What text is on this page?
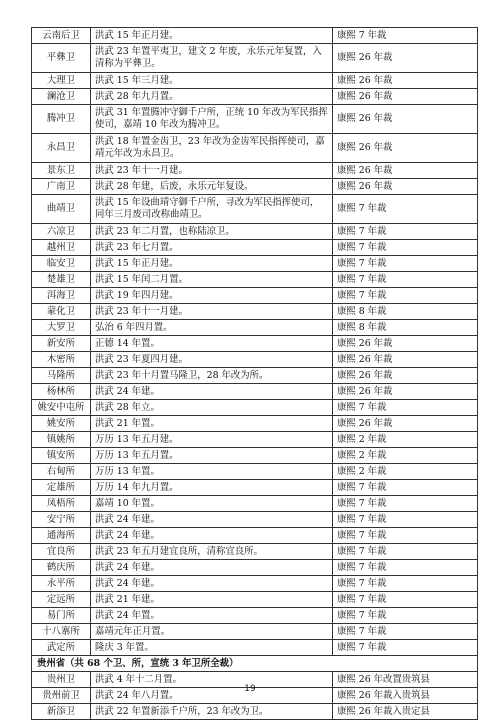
云南后卫	洪武 15 年正月建。	康熙 7 年裁
平彝卫	洪武 23 年置平夷卫，建文 2 年废，永乐元年复置，入清称为平彝卫。	康熙 26 年裁
大理卫	洪武 15 年三月建。	康熙 26 年裁
澜沧卫	洪武 28 年九月置。	康熙 26 年裁
腾冲卫	洪武 31 年置腾冲守御千户所，正统 10 年改为军民指挥使司，嘉靖 10 年改为腾冲卫。	康熙 26 年裁
永昌卫	洪武 18 年置金齿卫，23 年改为金齿军民指挥使司，嘉靖元年改为永昌卫。	康熙 26 年裁
景东卫	洪武 23 年十一月建。	康熙 26 年裁
广南卫	洪武 28 年建，后废，永乐元年复设。	康熙 26 年裁
曲靖卫	洪武 15 年设曲靖守御千户所，寻改为军民指挥使司，同年三月废司改称曲靖卫。	康熙 7 年裁
六凉卫	洪武 23 年二月置，也称陆凉卫。	康熙 7 年裁
越州卫	洪武 23 年七月置。	康熙 7 年裁
临安卫	洪武 15 年正月建。	康熙 7 年裁
楚雄卫	洪武 15 年闰二月置。	康熙 7 年裁
洱海卫	洪武 19 年四月建。	康熙 7 年裁
蒙化卫	洪武 23 年十一月建。	康熙 8 年裁
大罗卫	弘治 6 年四月置。	康熙 8 年裁
新安所	正德 14 年置。	康熙 26 年裁
木密所	洪武 23 年夏四月建。	康熙 26 年裁
马隆所	洪武 23 年十月置马隆卫，28 年改为所。	康熙 26 年裁
杨林所	洪武 24 年建。	康熙 26 年裁
姚安中屯所	洪武 28 年立。	康熙 7 年裁
姚安所	洪武 21 年置。	康熙 26 年裁
镇姚所	万历 13 年五月建。	康熙 2 年裁
镇安所	万历 13 年五月置。	康熙 2 年裁
右甸所	万历 13 年置。	康熙 2 年裁
定雄所	万历 14 年九月置。	康熙 7 年裁
凤梧所	嘉靖 10 年置。	康熙 7 年裁
安宁所	洪武 24 年建。	康熙 7 年裁
通海所	洪武 24 年建。	康熙 7 年裁
宜良所	洪武 23 年五月建宜良所，清称宜良所。	康熙 7 年裁
鹤庆所	洪武 24 年建。	康熙 7 年裁
永平所	洪武 24 年建。	康熙 7 年裁
定远所	洪武 21 年建。	康熙 7 年裁
易门所	洪武 24 年置。	康熙 7 年裁
十八寨所	嘉靖元年正月置。	康熙 7 年裁
武定所	隆庆 3 年置。	康熙 7 年裁
贵州省（共 68 个卫、所，宣统 3 年卫所全裁）		
贵州卫	洪武 4 年十二月置。	康熙 26 年改置贵筑县
贵州前卫	洪武 24 年八月置。	康熙 26 年裁入贵筑县
新添卫	洪武 22 年置新添千户所，23 年改为卫。	康熙 26 年裁入贵定县
19
